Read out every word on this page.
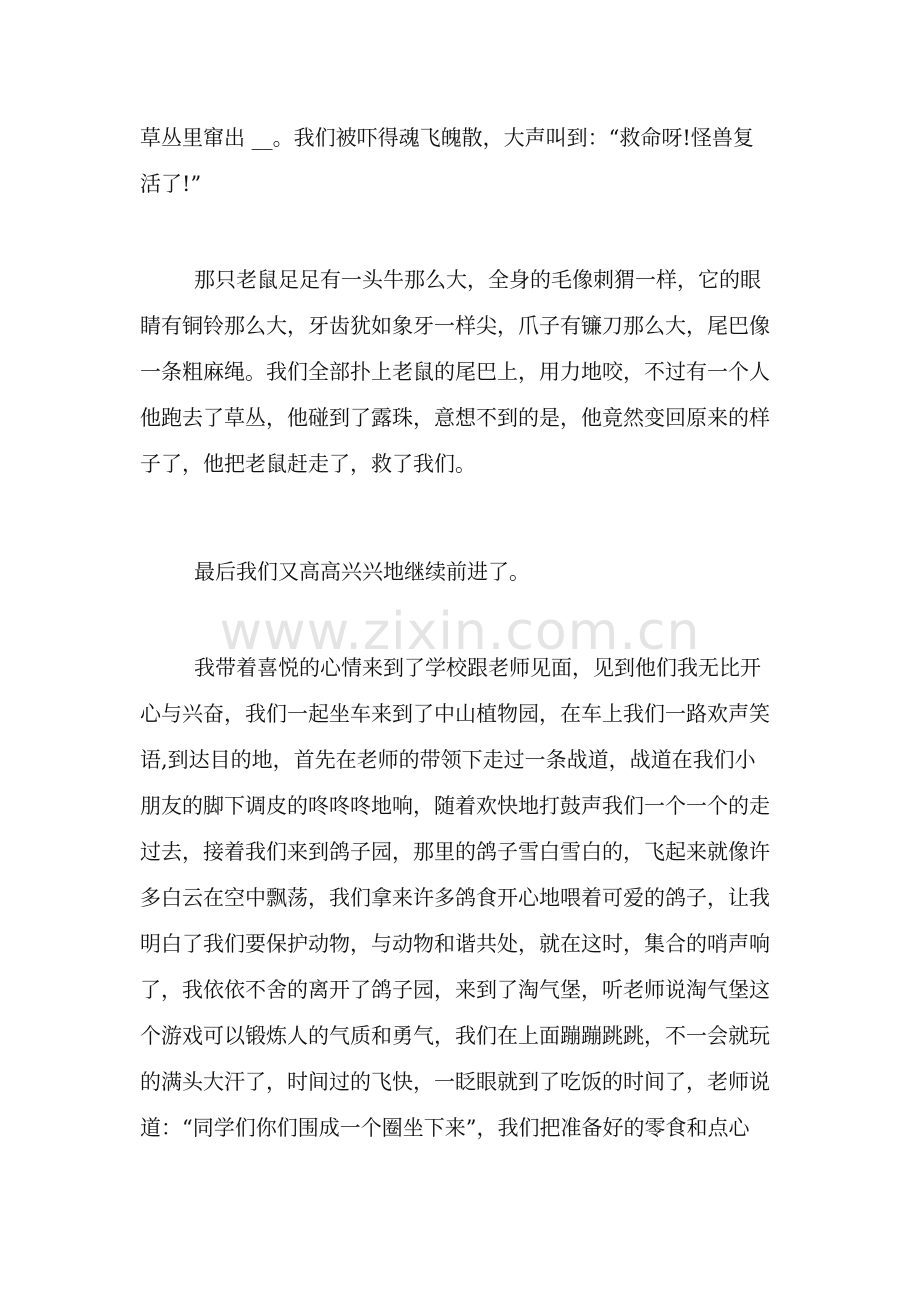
www.zixin.com.cn

草丛里窜出 __。我们被吓得魂飞魄散，大声叫到：“救命呀!怪兽复

活了!”

那只老鼠足足有一头牛那么大，全身的毛像刺猬一样，它的眼

睛有铜铃那么大，牙齿犹如象牙一样尖，爪子有镰刀那么大，尾巴像

一条粗麻绳。我们全部扑上老鼠的尾巴上，用力地咬，不过有一个人

他跑去了草丛，他碰到了露珠，意想不到的是，他竟然变回原来的样

子了，他把老鼠赶走了，救了我们。

最后我们又高高兴兴地继续前进了。

我带着喜悦的心情来到了学校跟老师见面，见到他们我无比开

心与兴奋，我们一起坐车来到了中山植物园，在车上我们一路欢声笑

语,到达目的地，首先在老师的带领下走过一条战道，战道在我们小

朋友的脚下调皮的咚咚咚地响，随着欢快地打鼓声我们一个一个的走

过去，接着我们来到鸽子园，那里的鸽子雪白雪白的，飞起来就像许

多白云在空中飘荡，我们拿来许多鸽食开心地喂着可爱的鸽子，让我

明白了我们要保护动物，与动物和谐共处，就在这时，集合的哨声响

了，我依依不舍的离开了鸽子园，来到了淘气堡，听老师说淘气堡这

个游戏可以锻炼人的气质和勇气，我们在上面蹦蹦跳跳，不一会就玩

的满头大汗了，时间过的飞快，一眨眼就到了吃饭的时间了，老师说

道：“同学们你们围成一个圈坐下来”，我们把准备好的零食和点心
